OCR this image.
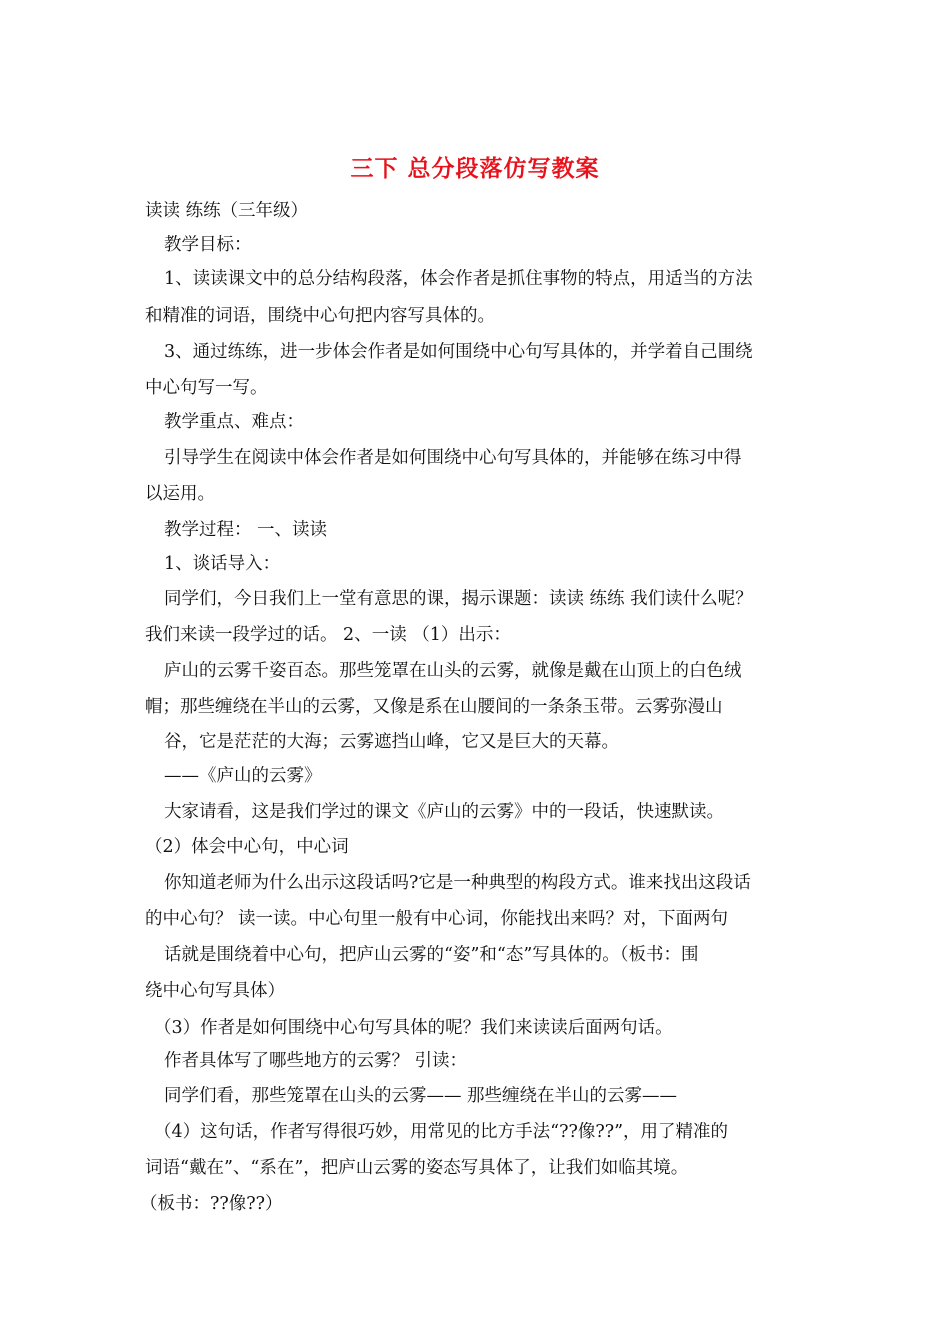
三下 总分段落仿写教案
读读 练练（三年级）
教学目标：
1、读读课文中的总分结构段落，体会作者是抓住事物的特点，用适当的方法
和精准的词语，围绕中心句把内容写具体的。
3、通过练练，进一步体会作者是如何围绕中心句写具体的，并学着自己围绕
中心句写一写。
教学重点、难点：
引导学生在阅读中体会作者是如何围绕中心句写具体的，并能够在练习中得
以运用。
教学过程： 一、读读
1、谈话导入：
同学们，今日我们上一堂有意思的课，揭示课题：读读 练练 我们读什么呢？
我们来读一段学过的话。 2、一读 （1）出示：
庐山的云雾千姿百态。那些笼罩在山头的云雾，就像是戴在山顶上的白色绒
帽；那些缠绕在半山的云雾，又像是系在山腰间的一条条玉带。云雾弥漫山
谷，它是茫茫的大海；云雾遮挡山峰，它又是巨大的天幕。
——《庐山的云雾》
大家请看，这是我们学过的课文《庐山的云雾》中的一段话，快速默读。
（2）体会中心句，中心词
你知道老师为什么出示这段话吗?它是一种典型的构段方式。谁来找出这段话
的中心句？ 读一读。中心句里一般有中心词，你能找出来吗？对，下面两句
话就是围绕着中心句，把庐山云雾的“姿”和“态”写具体的。（板书：围
绕中心句写具体）
（3）作者是如何围绕中心句写具体的呢？我们来读读后面两句话。
作者具体写了哪些地方的云雾？ 引读：
同学们看，那些笼罩在山头的云雾—— 那些缠绕在半山的云雾——
（4）这句话，作者写得很巧妙，用常见的比方手法“??像??”，用了精准的
词语“戴在”、“系在”，把庐山云雾的姿态写具体了，让我们如临其境。
（板书：??像??）
